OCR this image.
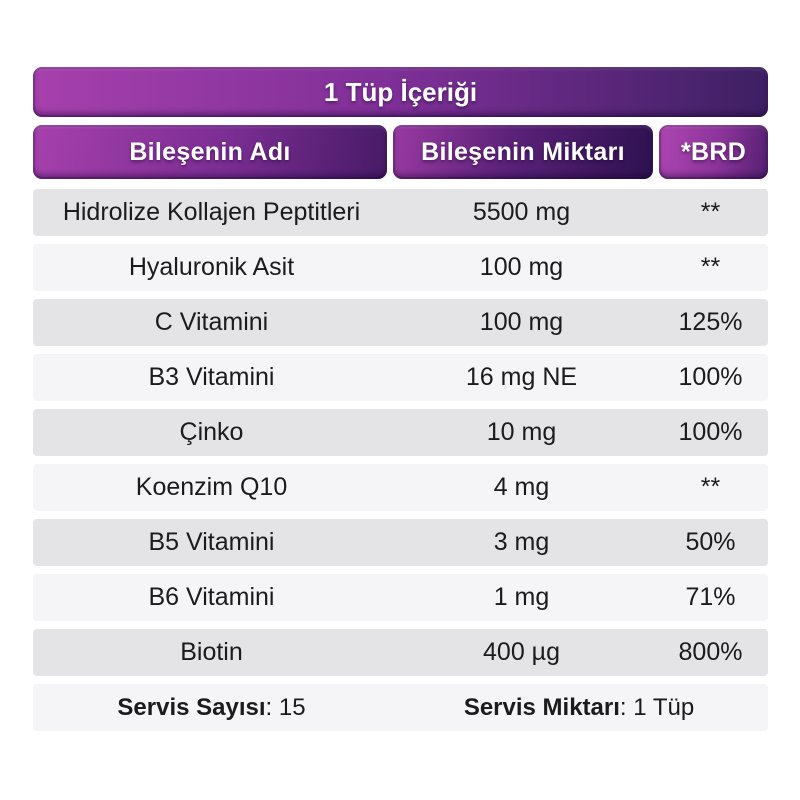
1 Tüp İçeriği
Bileşenin Adı	Bileşenin Miktarı	*BRD
Hidrolize Kollajen Peptitleri	5500 mg	**
Hyaluronik Asit	100 mg	**
C Vitamini	100 mg	125%
B3 Vitamini	16 mg NE	100%
Çinko	10 mg	100%
Koenzim Q10	4 mg	**
B5 Vitamini	3 mg	50%
B6 Vitamini	1 mg	71%
Biotin	400 µg	800%
Servis Sayısı : 15	Servis Miktarı : 1 Tüp
